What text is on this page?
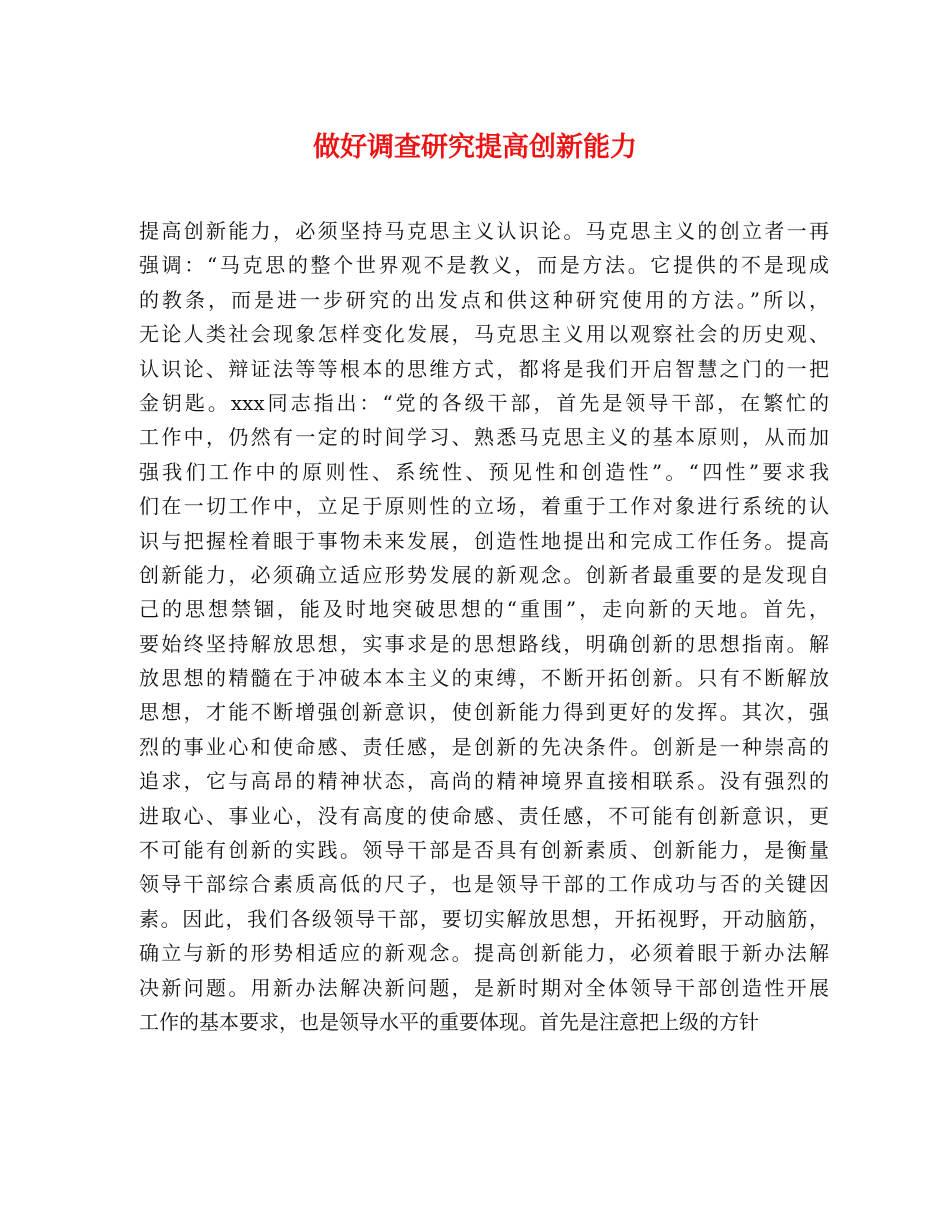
做好调查研究提高创新能力
提高创新能力，必须坚持马克思主义认识论。马克思主义的创立者一再
强调：“马克思的整个世界观不是教义，而是方法。它提供的不是现成
的教条，而是进一步研究的出发点和供这种研究使用的方法。”所以，
无论人类社会现象怎样变化发展，马克思主义用以观察社会的历史观、
认识论、辩证法等等根本的思维方式，都将是我们开启智慧之门的一把
金钥匙。xxx同志指出：“党的各级干部，首先是领导干部，在繁忙的
工作中，仍然有一定的时间学习、熟悉马克思主义的基本原则，从而加
强我们工作中的原则性、系统性、预见性和创造性”。“四性”要求我
们在一切工作中，立足于原则性的立场，着重于工作对象进行系统的认
识与把握栓着眼于事物未来发展，创造性地提出和完成工作任务。提高
创新能力，必须确立适应形势发展的新观念。创新者最重要的是发现自
己的思想禁锢，能及时地突破思想的“重围”，走向新的天地。首先，
要始终坚持解放思想，实事求是的思想路线，明确创新的思想指南。解
放思想的精髓在于冲破本本主义的束缚，不断开拓创新。只有不断解放
思想，才能不断增强创新意识，使创新能力得到更好的发挥。其次，强
烈的事业心和使命感、责任感，是创新的先决条件。创新是一种崇高的
追求，它与高昂的精神状态，高尚的精神境界直接相联系。没有强烈的
进取心、事业心，没有高度的使命感、责任感，不可能有创新意识，更
不可能有创新的实践。领导干部是否具有创新素质、创新能力，是衡量
领导干部综合素质高低的尺子，也是领导干部的工作成功与否的关键因
素。因此，我们各级领导干部，要切实解放思想，开拓视野，开动脑筋，
确立与新的形势相适应的新观念。提高创新能力，必须着眼于新办法解
决新问题。用新办法解决新问题，是新时期对全体领导干部创造性开展
工作的基本要求，也是领导水平的重要体现。首先是注意把上级的方针
